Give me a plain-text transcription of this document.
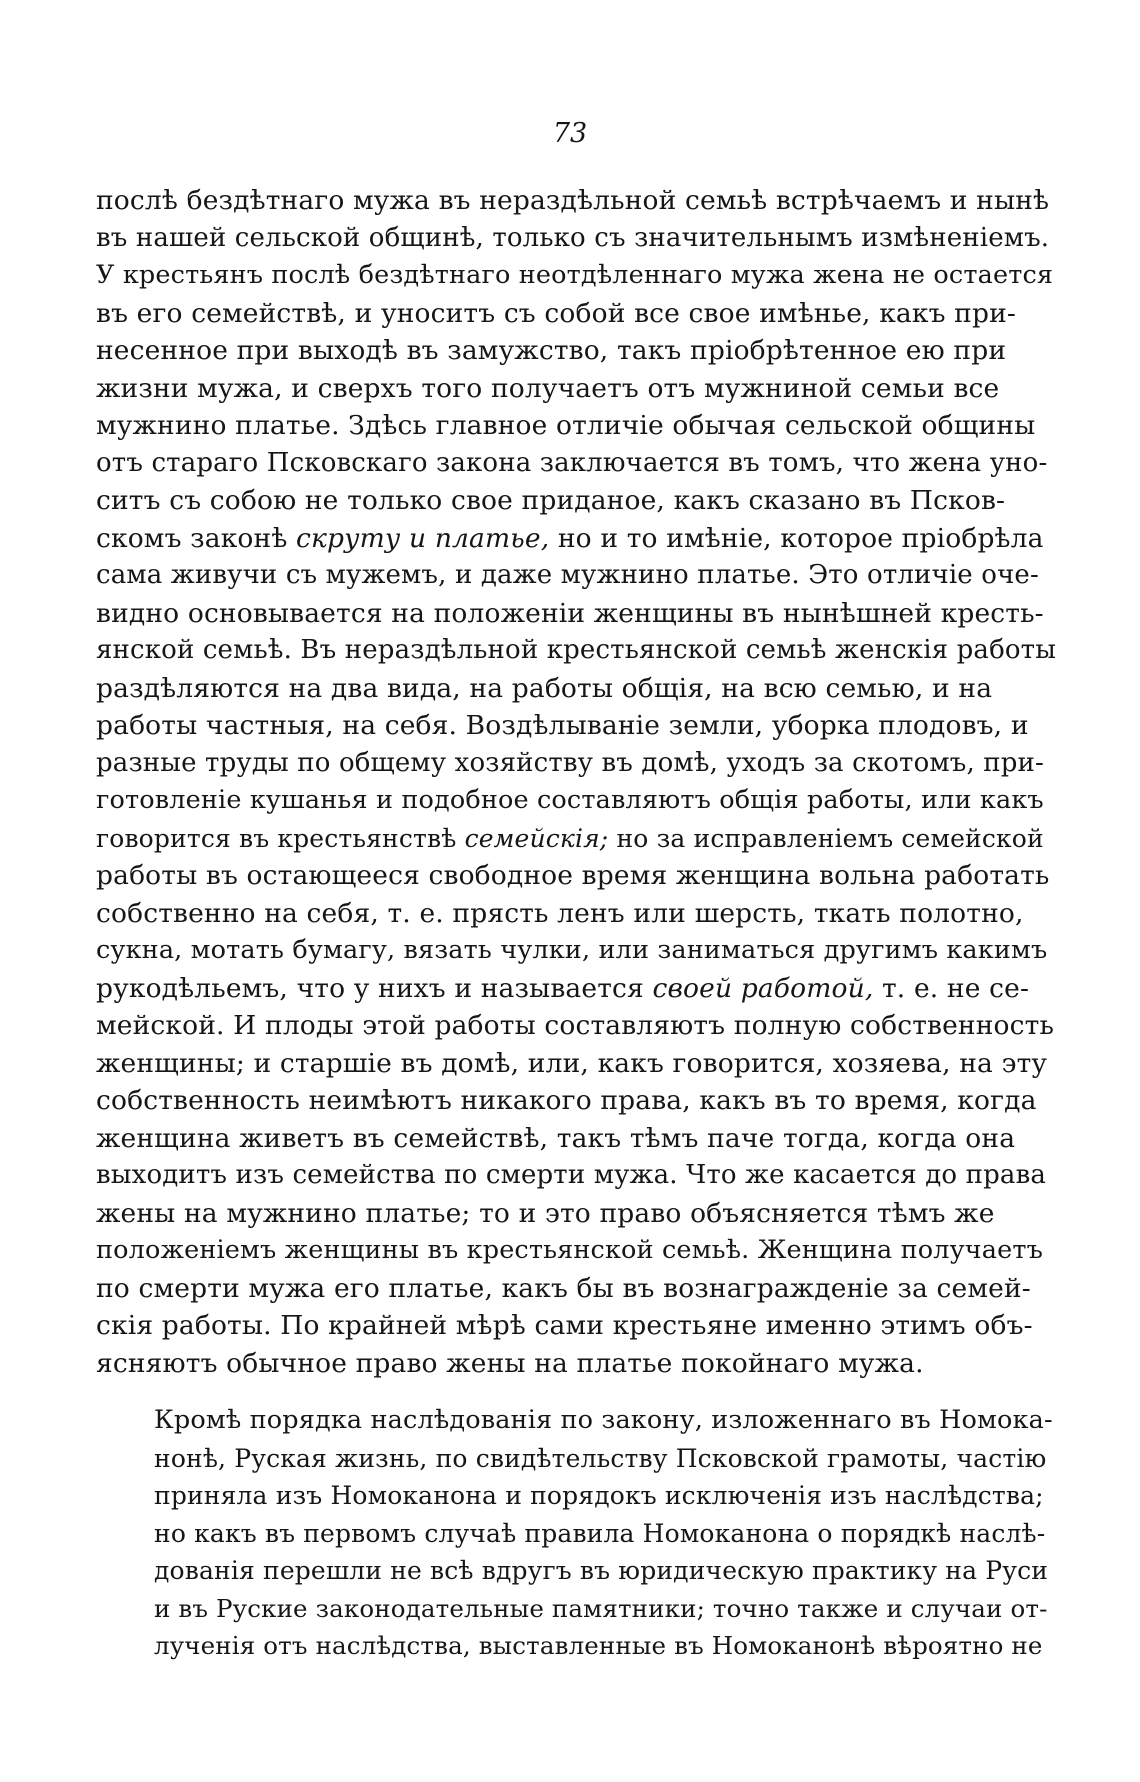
73

послѣ бездѣтнаго мужа въ нераздѣльной семьѣ встрѣчаемъ и нынѣ
въ нашей сельской общинѣ, только съ значительнымъ измѣненіемъ.
У крестьянъ послѣ бездѣтнаго неотдѣленнаго мужа жена не остается
въ его семействѣ, и уноситъ съ собой все свое имѣнье, какъ при-
несенное при выходѣ въ замужство, такъ пріобрѣтенное ею при
жизни мужа, и сверхъ того получаетъ отъ мужниной семьи все
мужнино платье. Здѣсь главное отличіе обычая сельской общины
отъ стараго Псковскаго закона заключается въ томъ, что жена уно-
ситъ съ собою не только свое приданое, какъ сказано въ Псков-
скомъ законѣ скруту и платье, но и то имѣніе, которое пріобрѣла
сама живучи съ мужемъ, и даже мужнино платье. Это отличіе оче-
видно основывается на положеніи женщины въ нынѣшней кресть-
янской семьѣ. Въ нераздѣльной крестьянской семьѣ женскія работы
раздѣляются на два вида, на работы общія, на всю семью, и на
работы частныя, на себя. Воздѣлываніе земли, уборка плодовъ, и
разные труды по общему хозяйству въ домѣ, уходъ за скотомъ, при-
готовленіе кушанья и подобное составляютъ общія работы, или какъ
говорится въ крестьянствѣ семейскія; но за исправленіемъ семейской
работы въ остающееся свободное время женщина вольна работать
собственно на себя, т. е. прясть ленъ или шерсть, ткать полотно,
сукна, мотать бумагу, вязать чулки, или заниматься другимъ какимъ
рукодѣльемъ, что у нихъ и называется своей работой, т. е. не се-
мейской. И плоды этой работы составляютъ полную собственность
женщины; и старшіе въ домѣ, или, какъ говорится, хозяева, на эту
собственность неимѣютъ никакого права, какъ въ то время, когда
женщина живетъ въ семействѣ, такъ тѣмъ паче тогда, когда она
выходитъ изъ семейства по смерти мужа. Что же касается до права
жены на мужнино платье; то и это право объясняется тѣмъ же
положеніемъ женщины въ крестьянской семьѣ. Женщина получаетъ
по смерти мужа его платье, какъ бы въ вознагражденіе за семей-
скія работы. По крайней мѣрѣ сами крестьяне именно этимъ объ-
ясняютъ обычное право жены на платье покойнаго мужа.

Кромѣ порядка наслѣдованія по закону, изложеннаго въ Номока-
нонѣ, Руская жизнь, по свидѣтельству Псковской грамоты, частію
приняла изъ Номоканона и порядокъ исключенія изъ наслѣдства;
но какъ въ первомъ случаѣ правила Номоканона о порядкѣ наслѣ-
дованія перешли не всѣ вдругъ въ юридическую практику на Руси
и въ Руские законодательные памятники; точно также и случаи от-
лученія отъ наслѣдства, выставленные въ Номоканонѣ вѣроятно не
